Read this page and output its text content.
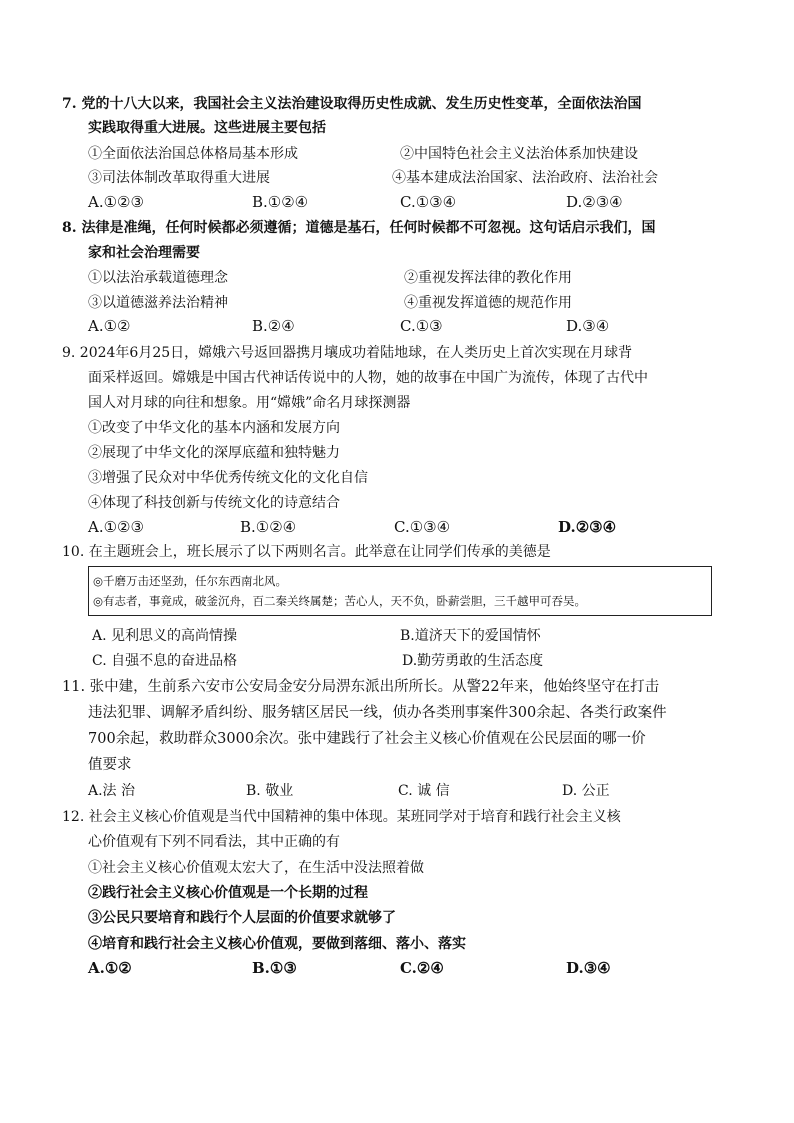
7. 党的十八大以来，我国社会主义法治建设取得历史性成就、发生历史性变革，全面依法治国
实践取得重大进展。这些进展主要包括
①全面依法治国总体格局基本形成	②中国特色社会主义法治体系加快建设
③司法体制改革取得重大进展	④基本建成法治国家、法治政府、法治社会
A.①②③	B.①②④	C.①③④	D.②③④
8. 法律是准绳，任何时候都必须遵循；道德是基石，任何时候都不可忽视。这句话启示我们，国
家和社会治理需要
①以法治承载道德理念	②重视发挥法律的教化作用
③以道德滋养法治精神	④重视发挥道德的规范作用
A.①②	B.②④	C.①③	D.③④
9. 2024年6月25日，嫦娥六号返回器携月壤成功着陆地球，在人类历史上首次实现在月球背
面采样返回。嫦娥是中国古代神话传说中的人物，她的故事在中国广为流传，体现了古代中
国人对月球的向往和想象。用“嫦娥”命名月球探测器
①改变了中华文化的基本内涵和发展方向
②展现了中华文化的深厚底蕴和独特魅力
③增强了民众对中华优秀传统文化的文化自信
④体现了科技创新与传统文化的诗意结合
A.①②③	B.①②④	C.①③④	D.②③④
10. 在主题班会上，班长展示了以下两则名言。此举意在让同学们传承的美德是
◎千磨万击还坚劲，任尔东西南北风。
◎有志者，事竟成，破釜沉舟，百二秦关终属楚；苦心人，天不负，卧薪尝胆，三千越甲可吞吴。
A. 见利思义的高尚情操	B.道济天下的爱国情怀
C. 自强不息的奋进品格	D.勤劳勇敢的生活态度
11. 张中建，生前系六安市公安局金安分局淠东派出所所长。从警22年来，他始终坚守在打击
违法犯罪、调解矛盾纠纷、服务辖区居民一线，侦办各类刑事案件300余起、各类行政案件
700余起，救助群众3000余次。张中建践行了社会主义核心价值观在公民层面的哪一价
值要求
A.法 治	B. 敬业	C. 诚 信	D. 公正
12. 社会主义核心价值观是当代中国精神的集中体现。某班同学对于培育和践行社会主义核
心价值观有下列不同看法，其中正确的有
①社会主义核心价值观太宏大了，在生活中没法照着做
②践行社会主义核心价值观是一个长期的过程
③公民只要培育和践行个人层面的价值要求就够了
④培育和践行社会主义核心价值观，要做到落细、落小、落实
A.①②	B.①③	C.②④	D.③④
